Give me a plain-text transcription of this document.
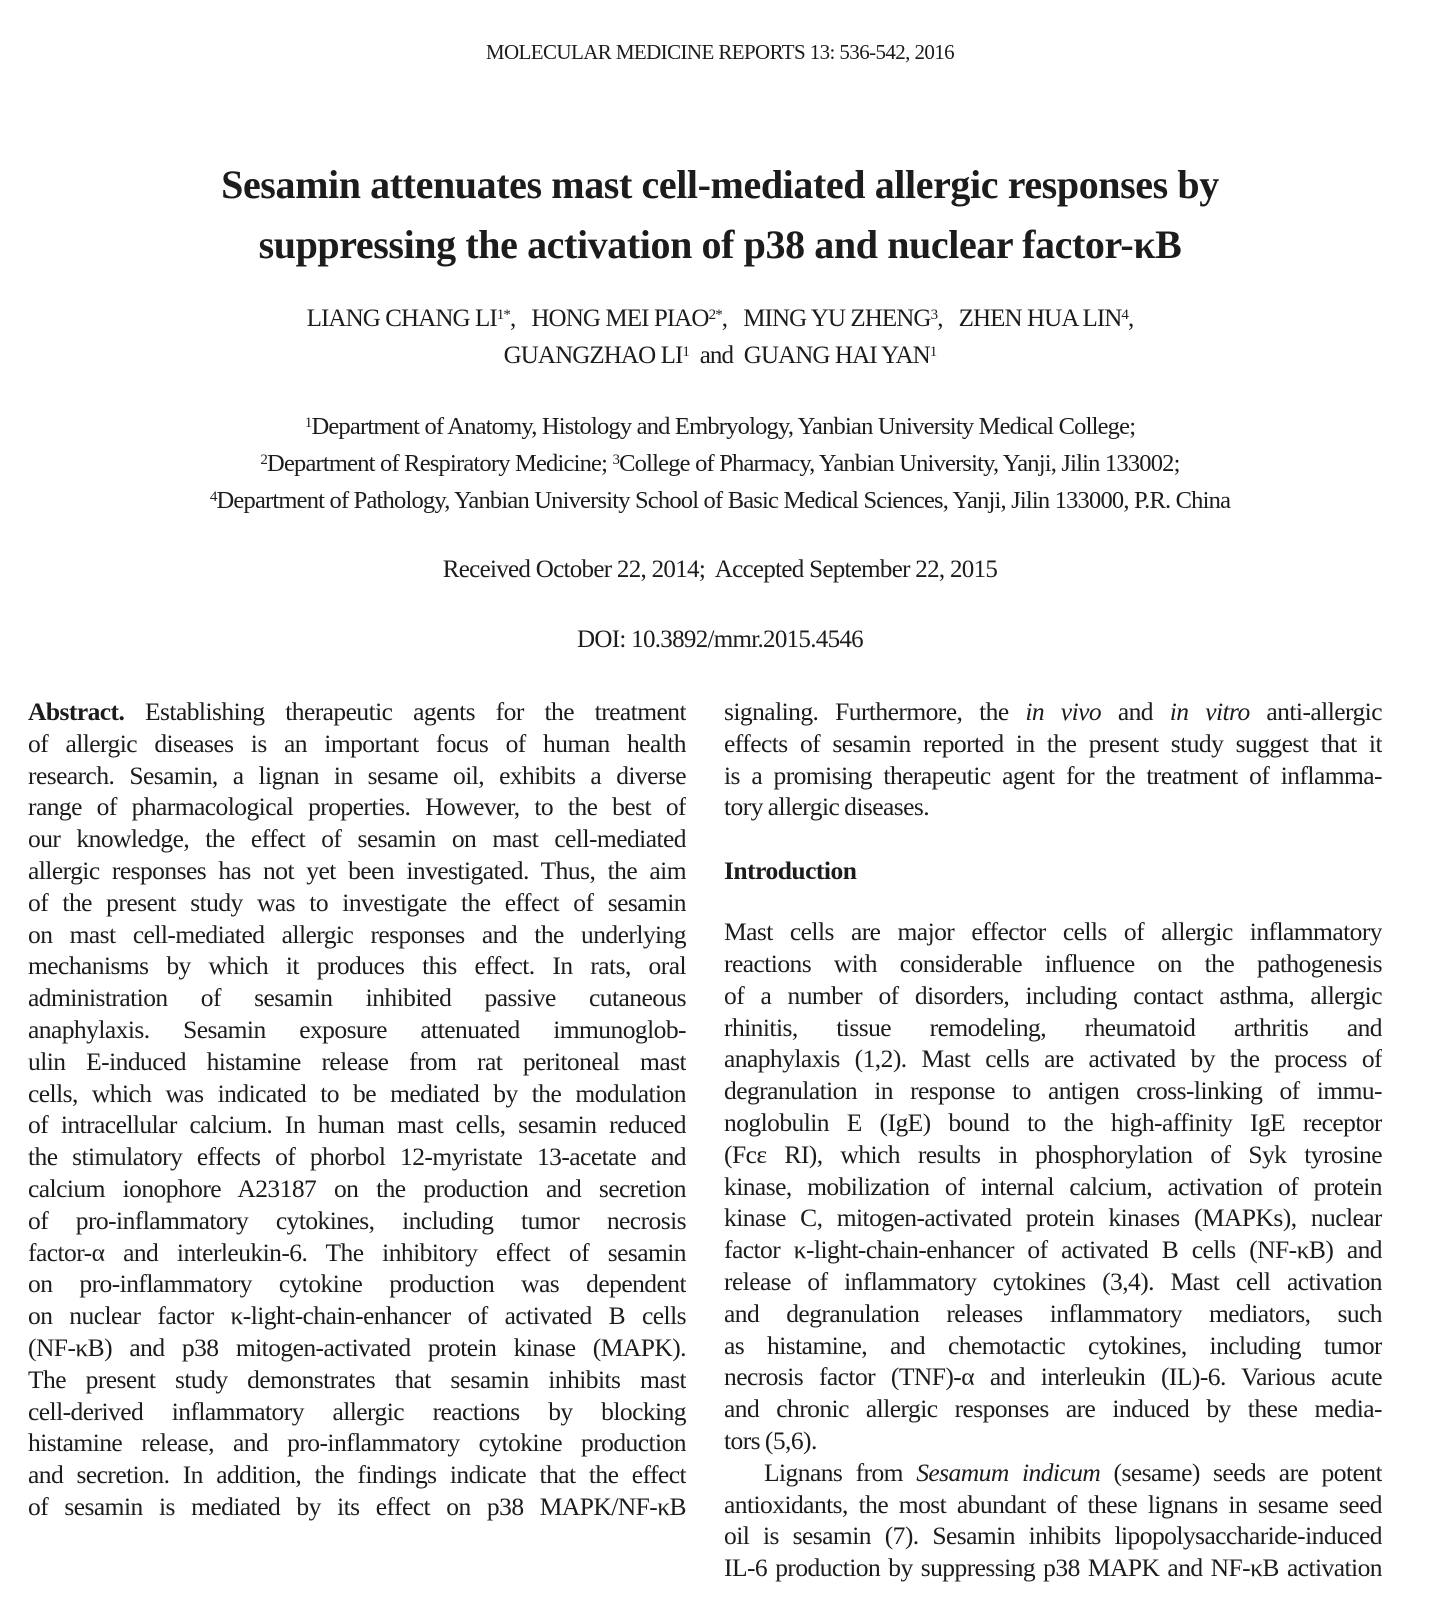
MOLECULAR MEDICINE REPORTS 13: 536-542, 2016
Sesamin attenuates mast cell-mediated allergic responses by
suppressing the activation of p38 and nuclear factor-κB
LIANG CHANG $LI^{1*}$,   HONG MEI $PIAO^{2*}$,   MING YU ZHENG$^3$,   ZHEN HUA LIN$^4$,
GUANGZHAO $LI^1$  and  GUANG HAI YAN$^1$
$^1$Department of Anatomy, Histology and Embryology, Yanbian University Medical College;
$^2$Department of Respiratory Medicine; $^3$College of Pharmacy, Yanbian University, Yanji, Jilin 133002;
$^4$Department of Pathology, Yanbian University School of Basic Medical Sciences, Yanji, Jilin 133000, P.R. China
Received October 22, 2014;  Accepted September 22, 2015
DOI: 10.3892/mmr.2015.4546
Abstract. Establishing therapeutic agents for the treatment
of allergic diseases is an important focus of human health
research. Sesamin, a lignan in sesame oil, exhibits a diverse
range of pharmacological properties. However, to the best of
our knowledge, the effect of sesamin on mast cell-mediated
allergic responses has not yet been investigated. Thus, the aim
of the present study was to investigate the effect of sesamin
on mast cell-mediated allergic responses and the underlying
mechanisms by which it produces this effect. In rats, oral
administration of sesamin inhibited passive cutaneous
anaphylaxis. Sesamin exposure attenuated immunoglob-
ulin E-induced histamine release from rat peritoneal mast
cells, which was indicated to be mediated by the modulation
of intracellular calcium. In human mast cells, sesamin reduced
the stimulatory effects of phorbol 12-myristate 13-acetate and
calcium ionophore A23187 on the production and secretion
of pro-inflammatory cytokines, including tumor necrosis
factor-α and interleukin-6. The inhibitory effect of sesamin
on pro-inflammatory cytokine production was dependent
on nuclear factor κ-light-chain-enhancer of activated B cells
(NF-κB) and p38 mitogen-activated protein kinase (MAPK).
The present study demonstrates that sesamin inhibits mast
cell-derived inflammatory allergic reactions by blocking
histamine release, and pro-inflammatory cytokine production
and secretion. In addition, the findings indicate that the effect
of sesamin is mediated by its effect on p38 MAPK/NF-κB
signaling. Furthermore, the in vivo and in vitro anti-allergic
effects of sesamin reported in the present study suggest that it
is a promising therapeutic agent for the treatment of inflamma-
tory allergic diseases.
Introduction
Mast cells are major effector cells of allergic inflammatory
reactions with considerable influence on the pathogenesis
of a number of disorders, including contact asthma, allergic
rhinitis, tissue remodeling, rheumatoid arthritis and
anaphylaxis (1,2). Mast cells are activated by the process of
degranulation in response to antigen cross-linking of immu-
noglobulin E (IgE) bound to the high-affinity IgE receptor
(Fcε RI), which results in phosphorylation of Syk tyrosine
kinase, mobilization of internal calcium, activation of protein
kinase C, mitogen-activated protein kinases (MAPKs), nuclear
factor κ-light-chain-enhancer of activated B cells (NF-κB) and
release of inflammatory cytokines (3,4). Mast cell activation
and degranulation releases inflammatory mediators, such
as histamine, and chemotactic cytokines, including tumor
necrosis factor (TNF)-α and interleukin (IL)-6. Various acute
and chronic allergic responses are induced by these media-
tors (5,6).
Lignans from Sesamum indicum (sesame) seeds are potent
antioxidants, the most abundant of these lignans in sesame seed
oil is sesamin (7). Sesamin inhibits lipopolysaccharide-induced
IL-6 production by suppressing p38 MAPK and NF-κB activation
